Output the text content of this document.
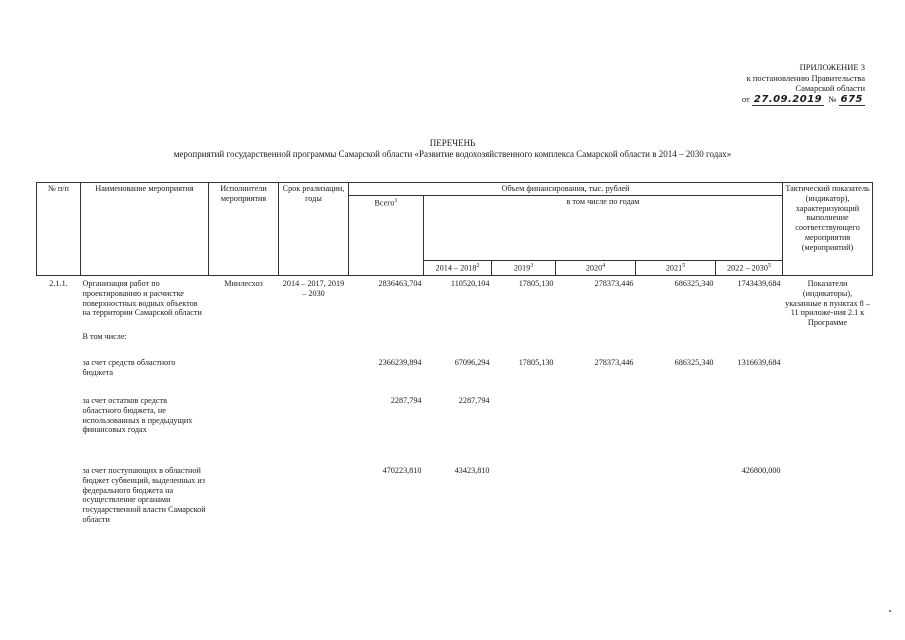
ПРИЛОЖЕНИЕ 3
к постановлению Правительства
Самарской области
от 27.09.2019 № 675
ПЕРЕЧЕНЬ
мероприятий государственной программы Самарской области «Развитие водохозяйственного комплекса Самарской области в 2014 – 2030 годах»
№ п/п	Наименование мероприятия	Исполнители мероприятия	Срок реализации, годы	Объем финансирования, тыс. рублей						Тактический показатель (индикатор), характеризующий выполнение соответствующего мероприятия (мероприятий)
				Всего$^1$	в том числе по годам					
					2014 – 2018$^2$	2019$^3$	2020$^4$	2021$^5$	2022 – 2030$^5$
2.1.1.	Организация работ по проектированию и расчистке поверхностных водных объектов на территории Самарской области	Минлесхоз	2014 – 2017, 2019 – 2030	2836463,704	110520,104	17805,130	278373,446	686325,340	1743439,684	Показатели (индикаторы), указанные в пунктах 8 – 11 приложе-ния 2.1 к Программе
	В том числе:									
	за счет средств областного бюджета			2366239,894	67096,294	17805,130	278373,446	686325,340	1316639,684	
	за счет остатков средств областного бюджета, не использованных в предыдущих финансовых годах			2287,794	2287,794					
	за счет поступающих в областной бюджет субвенций, выделенных из федерального бюджета на осуществление органами государственной власти Самарской области			470223,810	43423,810				426800,000	
